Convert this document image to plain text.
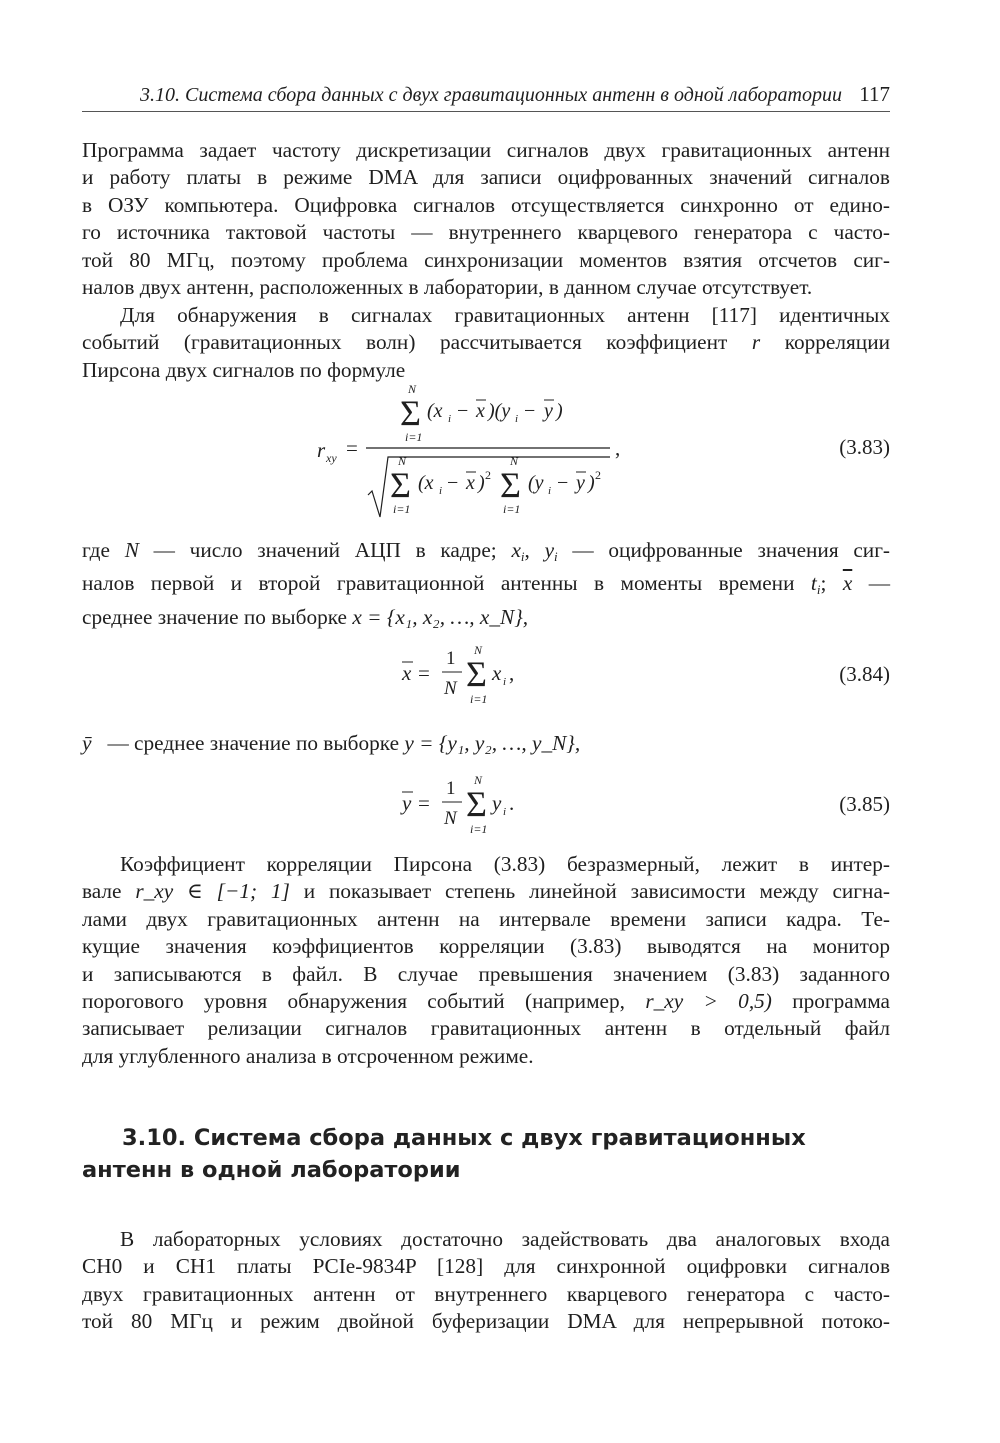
3.10. Система сбора данных с двух гравитационных антенн в одной лаборатории 117
Программа задает частоту дискретизации сигналов двух гравитационных антенн
и работу платы в режиме DMA для записи оцифрованных значений сигналов
в ОЗУ компьютера. Оцифровка сигналов отсуществляется синхронно от едино-
го источника тактовой частоты — внутреннего кварцевого генератора с часто-
той 80 МГц, поэтому проблема синхронизации моментов взятия отсчетов сиг-
налов двух антенн, расположенных в лаборатории, в данном случае отсутствует.
Для обнаружения в сигналах гравитационных антенн [117] идентичных
событий (гравитационных волн) рассчитывается коэффициент r корреляции
Пирсона двух сигналов по формуле
r xy =
N
Σ
i=1
(x i − x )(y i − y )
N
Σ
i=1
(x i − x ) 2
N
Σ
i=1
(y i − y ) 2
,	(3.83)
где N — число значений АЦП в кадре; $x_i$, $y_i$ — оцифрованные значения сиг-
налов первой и второй гравитационной антенны в моменты времени $t_i$; $\overline{x}$ —
среднее значение по выборке x = {x₁, x₂, …, x_N},
x =
1
N
N
Σ
i=1
x i ,	(3.84)
ȳ — среднее значение по выборке y = {y₁, y₂, …, y_N},
y =
1
N
N
Σ
i=1
y i .	(3.85)
Коэффициент корреляции Пирсона (3.83) безразмерный, лежит в интер-
вале r_xy ∈ [−1; 1] и показывает степень линейной зависимости между сигна-
лами двух гравитационных антенн на интервале времени записи кадра. Те-
кущие значения коэффициентов корреляции (3.83) выводятся на монитор
и записываются в файл. В случае превышения значением (3.83) заданного
порогового уровня обнаружения событий (например, r_xy > 0,5) программа
записывает релизации сигналов гравитационных антенн в отдельный файл
для углубленного анализа в отсроченном режиме.
3.10. Система сбора данных с двух гравитационных
антенн в одной лаборатории
В лабораторных условиях достаточно задействовать два аналоговых входа
CH0 и CH1 платы PCIe-9834P [128] для синхронной оцифровки сигналов
двух гравитационных антенн от внутреннего кварцевого генератора с часто-
той 80 МГц и режим двойной буферизации DMA для непрерывной потоко-
